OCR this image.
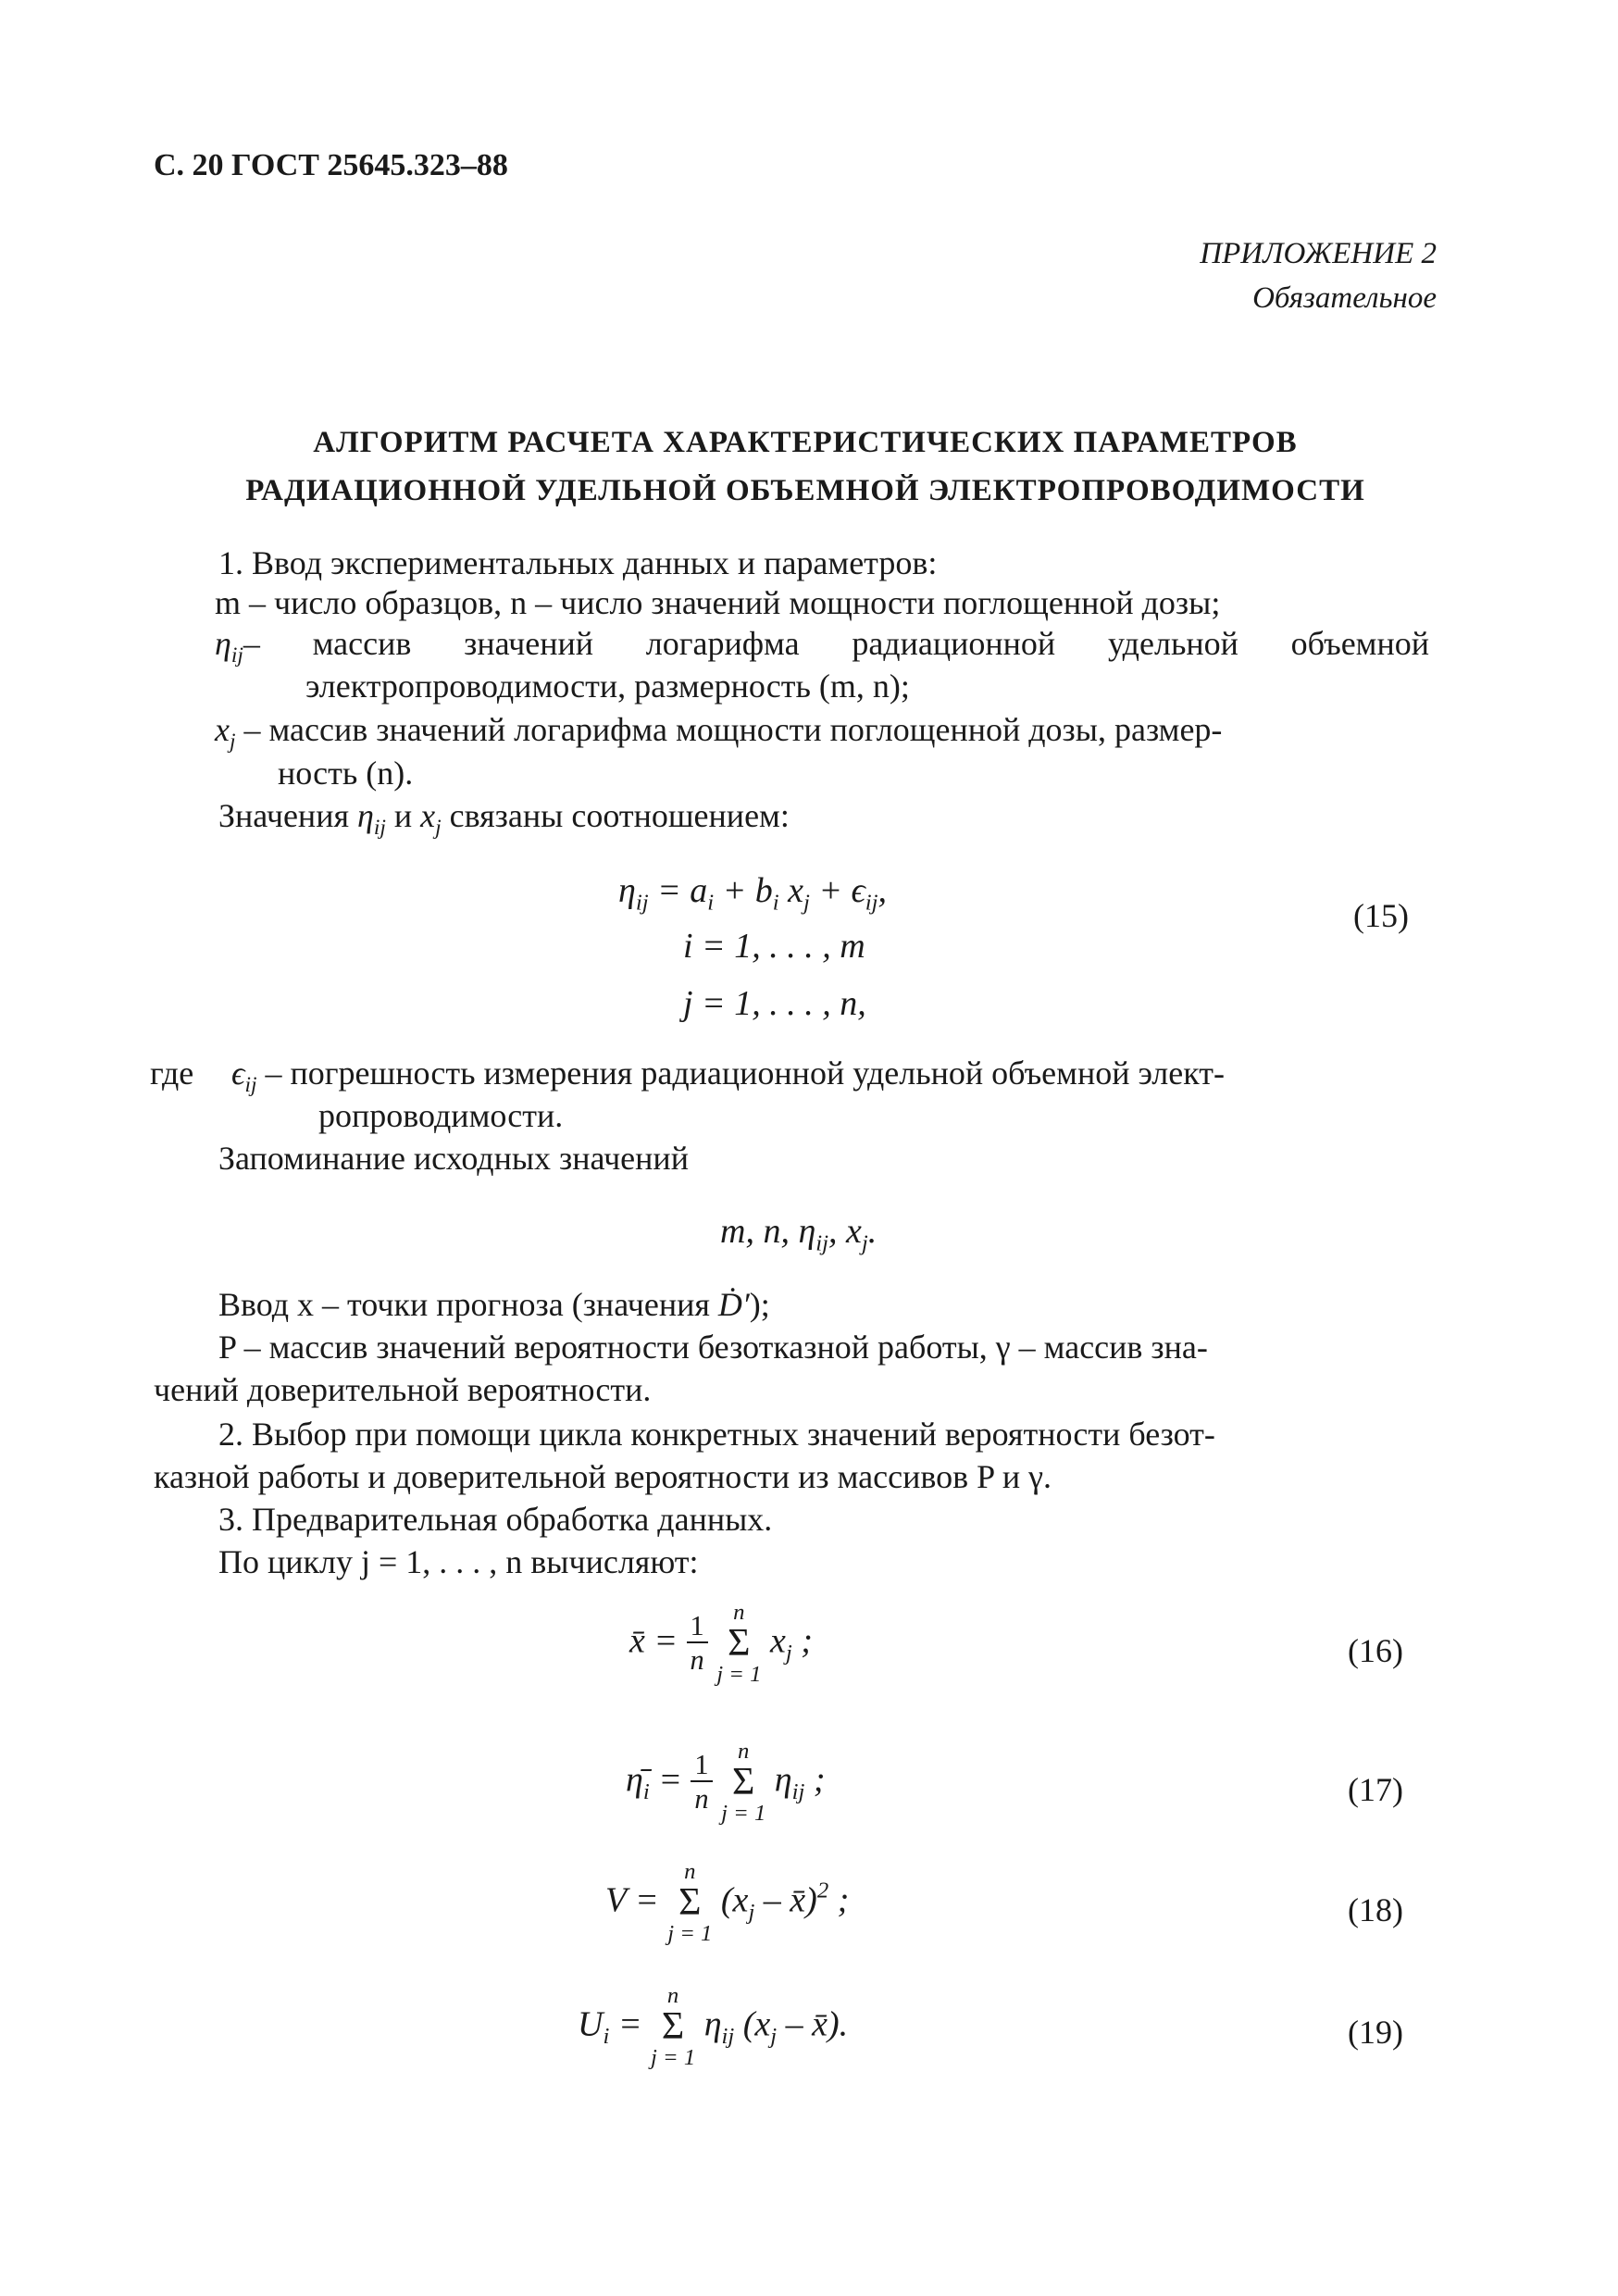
С. 20 ГОСТ 25645.323–88
ПРИЛОЖЕНИЕ 2
Обязательное
АЛГОРИТМ РАСЧЕТА ХАРАКТЕРИСТИЧЕСКИХ ПАРАМЕТРОВ
РАДИАЦИОННОЙ УДЕЛЬНОЙ ОБЪЕМНОЙ ЭЛЕКТРОПРОВОДИМОСТИ
1. Ввод экспериментальных данных и параметров:
m – число образцов, n – число значений мощности поглощенной дозы;
$\eta_{ij}-$ массив значений логарифма радиационной удельной объемной
электропроводимости, размерность (m, n);
$x_j$ – массив значений логарифма мощности поглощенной дозы, размер-
ность (n).
Значения $\eta_{ij}$ и $x_j$ связаны соотношением:
$\eta_{ij} = a_i + b_i$ $x_j + \epsilon_{ij}$,
i = 1, . . . , m
j = 1, . . . , n,
(15)
где $\epsilon_{ij}$ – погрешность измерения радиационной удельной объемной элект-
ропроводимости.
Запоминание исходных значений
m, n, $\eta_{ij}$, $x_j$.
Ввод x – точки прогноза (значения Ḋ′);
P – массив значений вероятности безотказной работы, γ – массив зна-
чений доверительной вероятности.
2. Выбор при помощи цикла конкретных значений вероятности безот-
казной работы и доверительной вероятности из массивов P и γ.
3. Предварительная обработка данных.
По циклу j = 1, . . . , n вычисляют:
x̄ = $\frac{1}{n}$
	n
Σ
j = 1
$x_j$ ;	(16)
$\etā_i = \frac{1}{n}$
	n
Σ
j = 1
$\eta_{ij}$ ;	(17)
V =
n
Σ
j = 1
($x_j$ – x̄)$^2$ ;	(18)
$U_i$ =
n
Σ
j = 1
$\eta_{ij}$ ($x_j$ – x̄).	(19)
